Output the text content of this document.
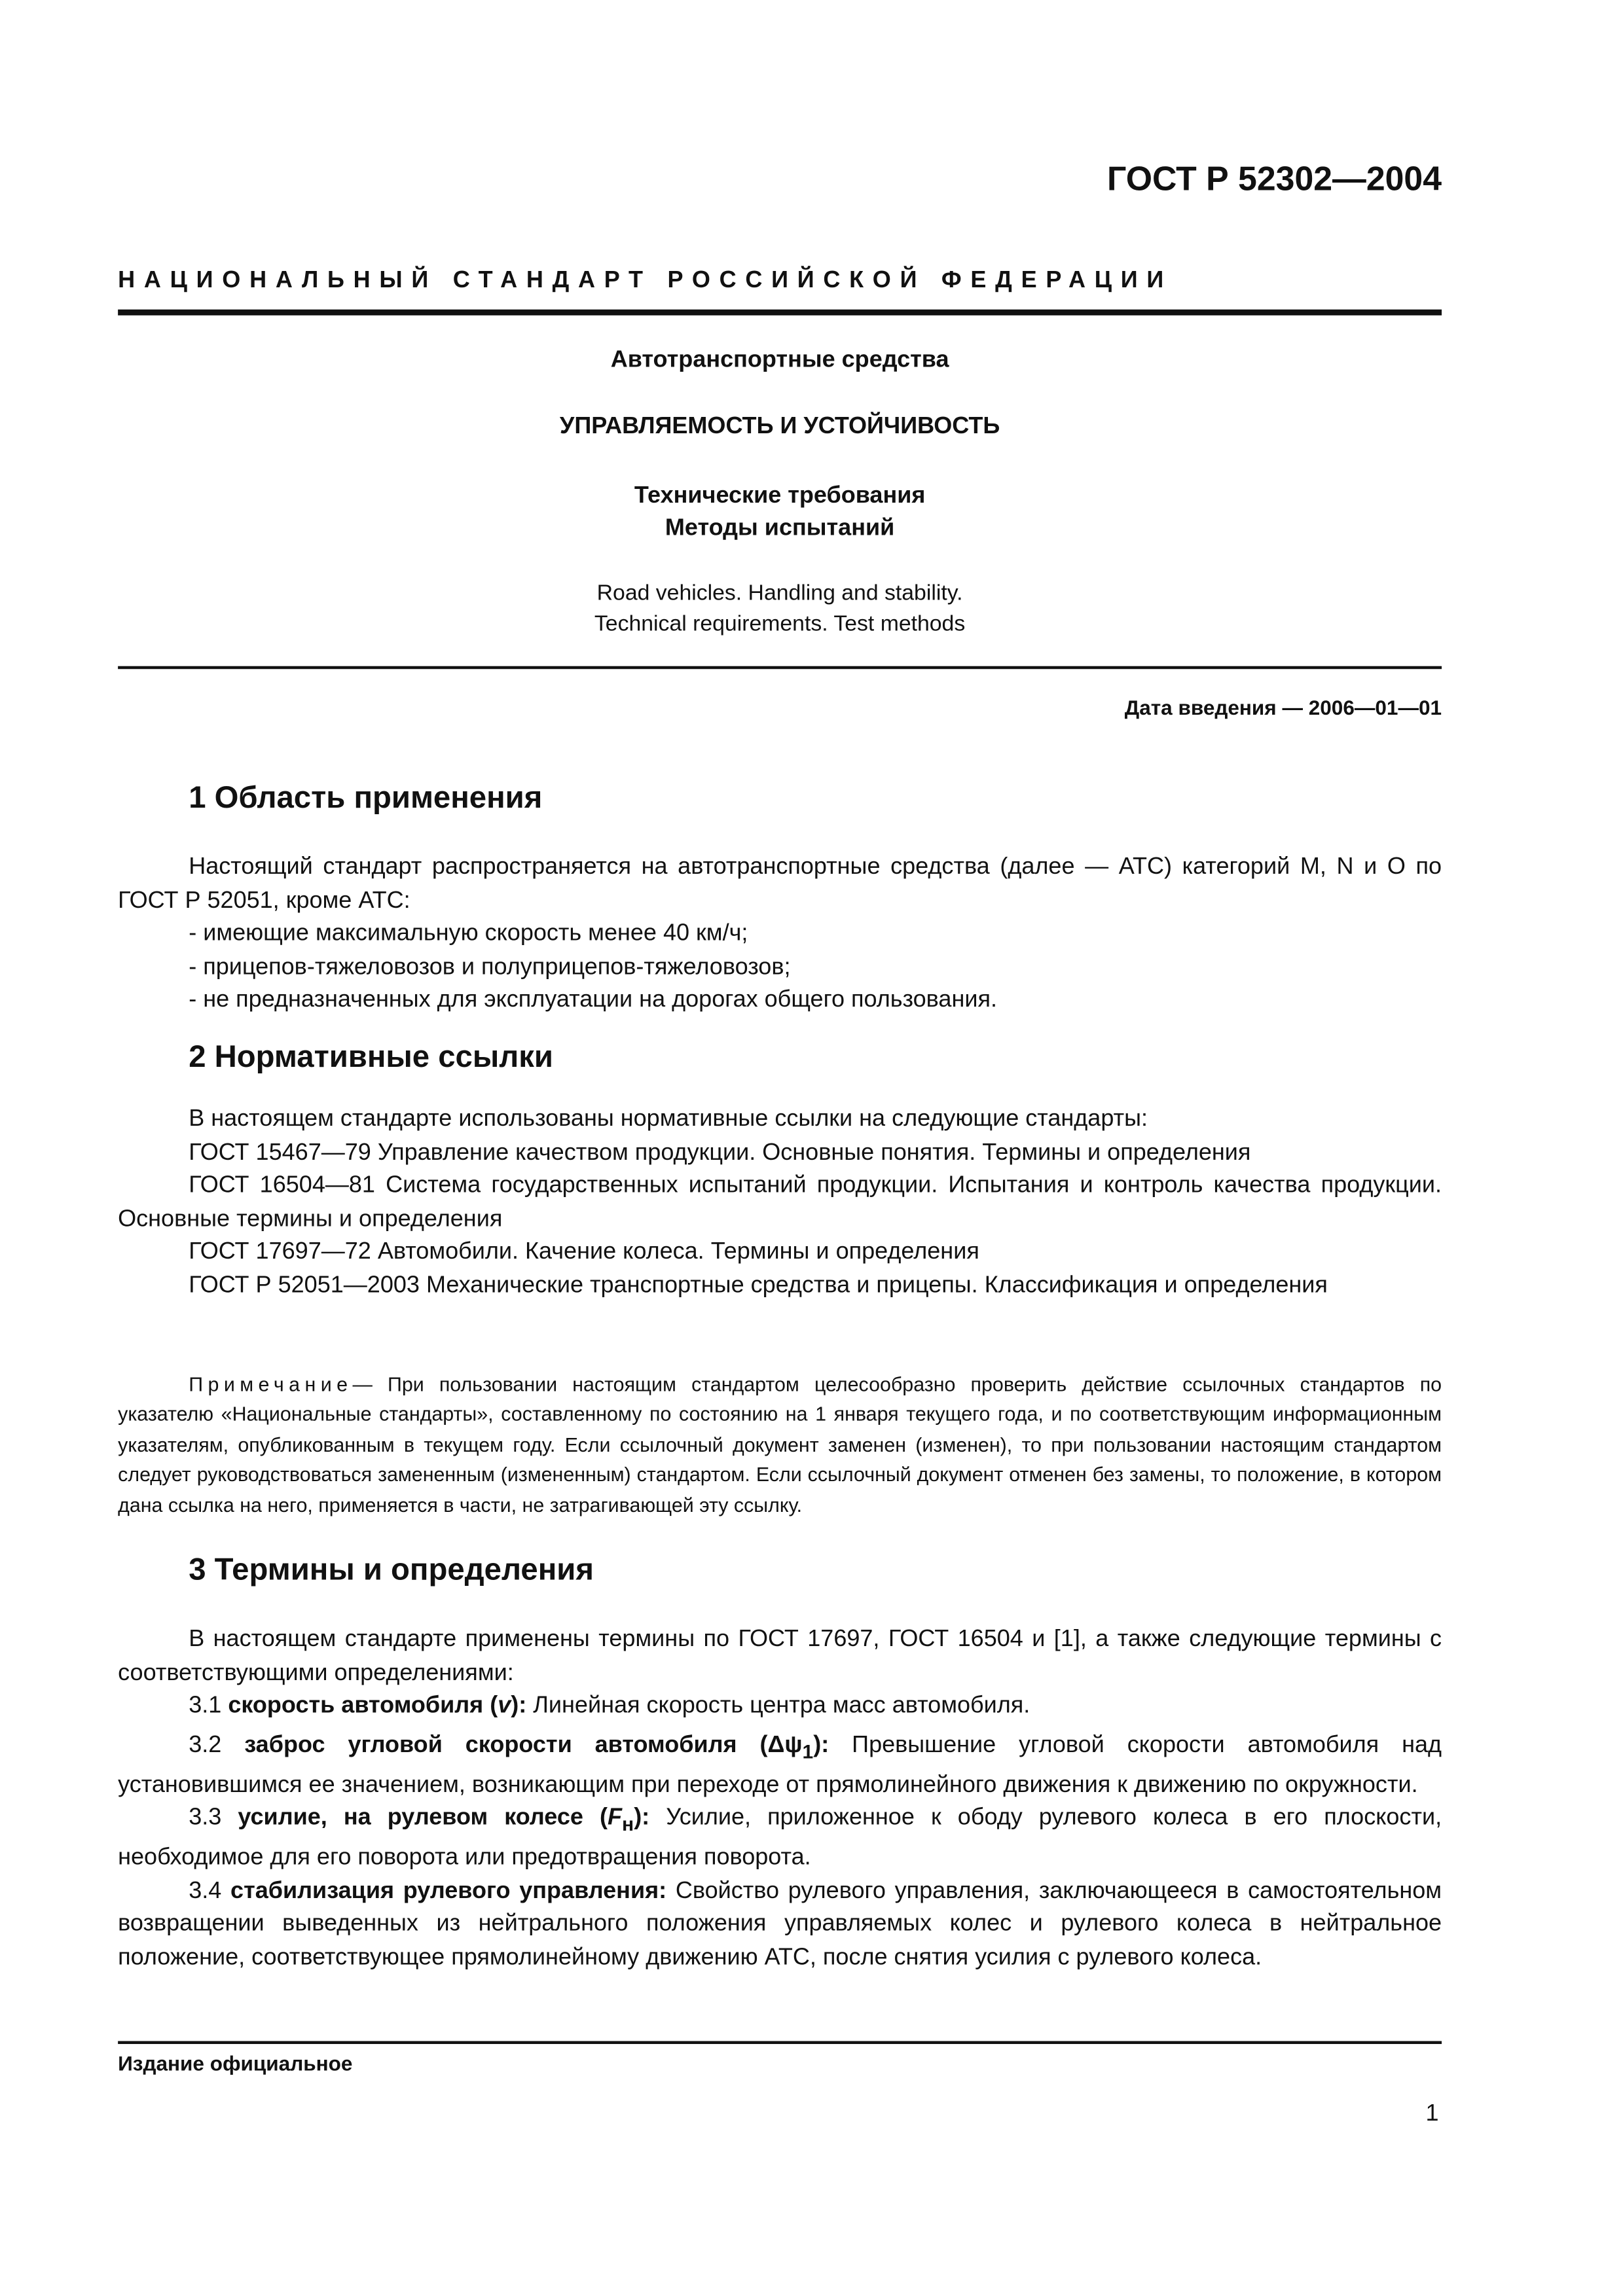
ГОСТ Р 52302—2004
НАЦИОНАЛЬНЫЙ СТАНДАРТ РОССИЙСКОЙ ФЕДЕРАЦИИ
Автотранспортные средства
УПРАВЛЯЕМОСТЬ И УСТОЙЧИВОСТЬ
Технические требования
Методы испытаний
Road vehicles. Handling and stability.
Technical requirements. Test methods
Дата введения — 2006—01—01
1 Область применения

Настоящий стандарт распространяется на автотранспортные средства (далее — АТС) категорий M, N и O по ГОСТ Р 52051, кроме АТС:

- имеющие максимальную скорость менее 40 км/ч;

- прицепов-тяжеловозов и полуприцепов-тяжеловозов;

- не предназначенных для эксплуатации на дорогах общего пользования.

2 Нормативные ссылки

В настоящем стандарте использованы нормативные ссылки на следующие стандарты:

ГОСТ 15467—79 Управление качеством продукции. Основные понятия. Термины и определения

ГОСТ 16504—81 Система государственных испытаний продукции. Испытания и контроль качества продукции. Основные термины и определения

ГОСТ 17697—72 Автомобили. Качение колеса. Термины и определения

ГОСТ Р 52051—2003 Механические транспортные средства и прицепы. Классификация и определения

Примечание— При пользовании настоящим стандартом целесообразно проверить действие ссылочных стандартов по указателю «Национальные стандарты», составленному по состоянию на 1 января текущего года, и по соответствующим информационным указателям, опубликованным в текущем году. Если ссылочный документ заменен (изменен), то при пользовании настоящим стандартом следует руководствоваться замененным (измененным) стандартом. Если ссылочный документ отменен без замены, то положение, в котором дана ссылка на него, применяется в части, не затрагивающей эту ссылку.

3 Термины и определения

В настоящем стандарте применены термины по ГОСТ 17697, ГОСТ 16504 и [1], а также следующие термины с соответствующими определениями:

3.1 скорость автомобиля (v): Линейная скорость центра масс автомобиля.

3.2 заброс угловой скорости автомобиля $(\Delta\psi_1)$: Превышение угловой скорости автомобиля над установившимся ее значением, возникающим при переходе от прямолинейного движения к движению по окружности.

3.3 усилие, на рулевом колесе $(F_н)$: Усилие, приложенное к ободу рулевого колеса в его плоскости, необходимое для его поворота или предотвращения поворота.

3.4 стабилизация рулевого управления: Свойство рулевого управления, заключающееся в самостоятельном возвращении выведенных из нейтрального положения управляемых колес и рулевого колеса в нейтральное положение, соответствующее прямолинейному движению АТС, после снятия усилия с рулевого колеса.

Издание официальное
1
